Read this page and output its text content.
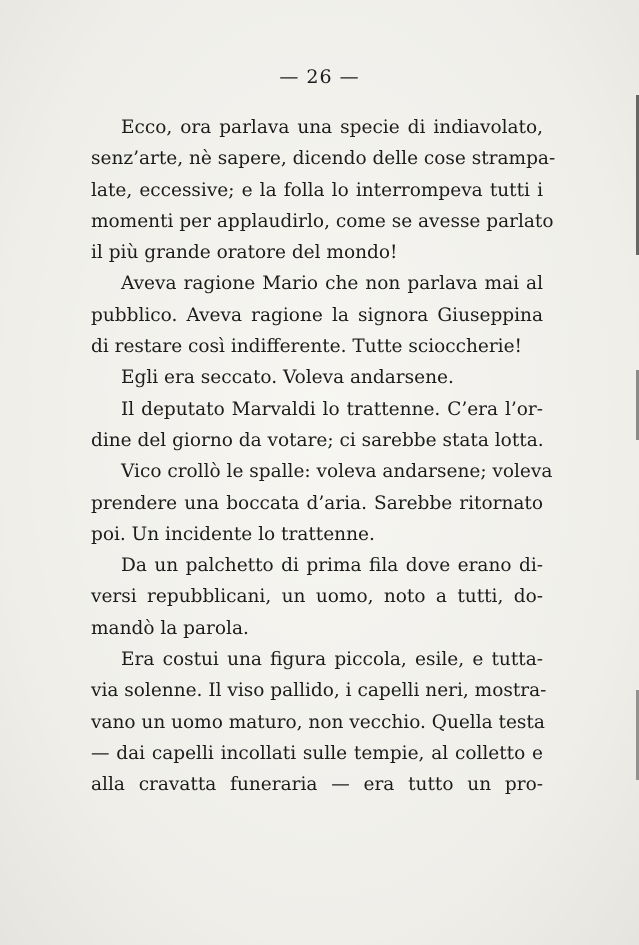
— 26 —
Ecco, ora parlava una specie di indiavolato,
senz’arte, nè sapere, dicendo delle cose strampa-
late, eccessive; e la folla lo interrompeva tutti i
momenti per applaudirlo, come se avesse parlato
il più grande oratore del mondo!
Aveva ragione Mario che non parlava mai al
pubblico. Aveva ragione la signora Giuseppina
di restare così indifferente. Tutte scioccherie!
Egli era seccato. Voleva andarsene.
Il deputato Marvaldi lo trattenne. C’era l’or-
dine del giorno da votare; ci sarebbe stata lotta.
Vico crollò le spalle: voleva andarsene; voleva
prendere una boccata d’aria. Sarebbe ritornato
poi. Un incidente lo trattenne.
Da un palchetto di prima fila dove erano di-
versi repubblicani, un uomo, noto a tutti, do-
mandò la parola.
Era costui una figura piccola, esile, e tutta-
via solenne. Il viso pallido, i capelli neri, mostra-
vano un uomo maturo, non vecchio. Quella testa
— dai capelli incollati sulle tempie, al colletto e
alla cravatta funeraria — era tutto un pro-
